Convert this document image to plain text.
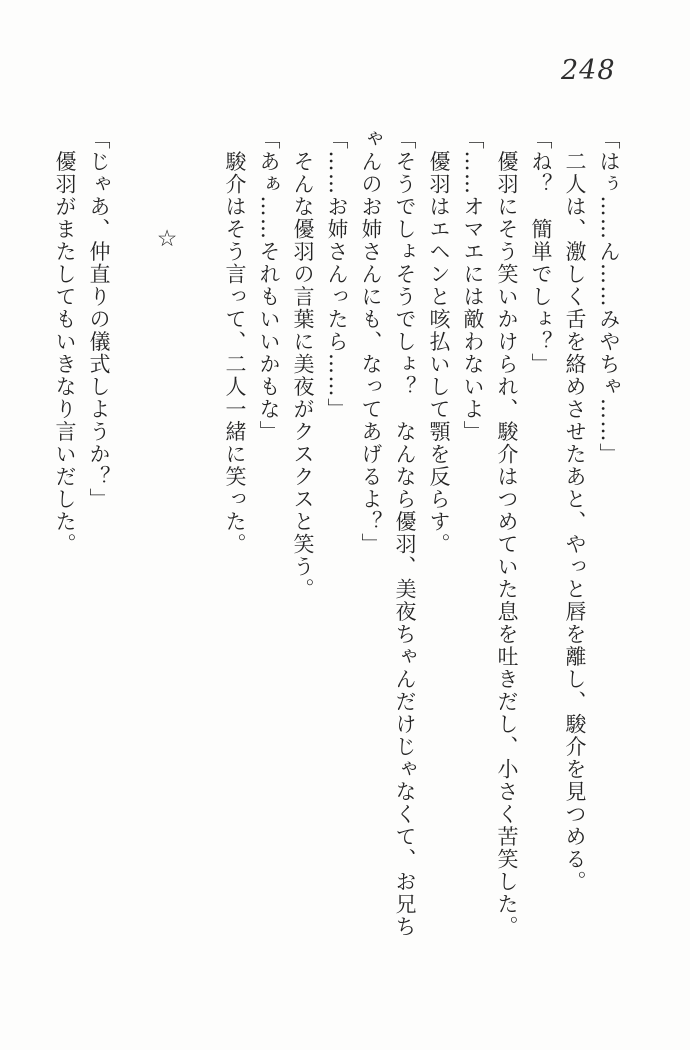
248

「はぅ……ん……みやちゃ……」

　二人は、激しく舌を絡めさせたあと、やっと唇を離し、駿介を見つめる。

「ね？　簡単でしょ？」

　優羽にそう笑いかけられ、駿介はつめていた息を吐きだし、小さく苦笑した。

「……オマエには敵わないよ」

　優羽はエヘンと咳払いして顎を反らす。

「そうでしょそうでしょ？　なんなら優羽、美夜ちゃんだけじゃなくて、お兄ちゃんのお姉さんにも、なってあげるよ？」

「……お姉さんったら……」

　そんな優羽の言葉に美夜がクスクスと笑う。

「あぁ……それもいいかもな」

　駿介はそう言って、二人一緒に笑った。

☆

「じゃあ、仲直りの儀式しようか？」

　優羽がまたしてもいきなり言いだした。
